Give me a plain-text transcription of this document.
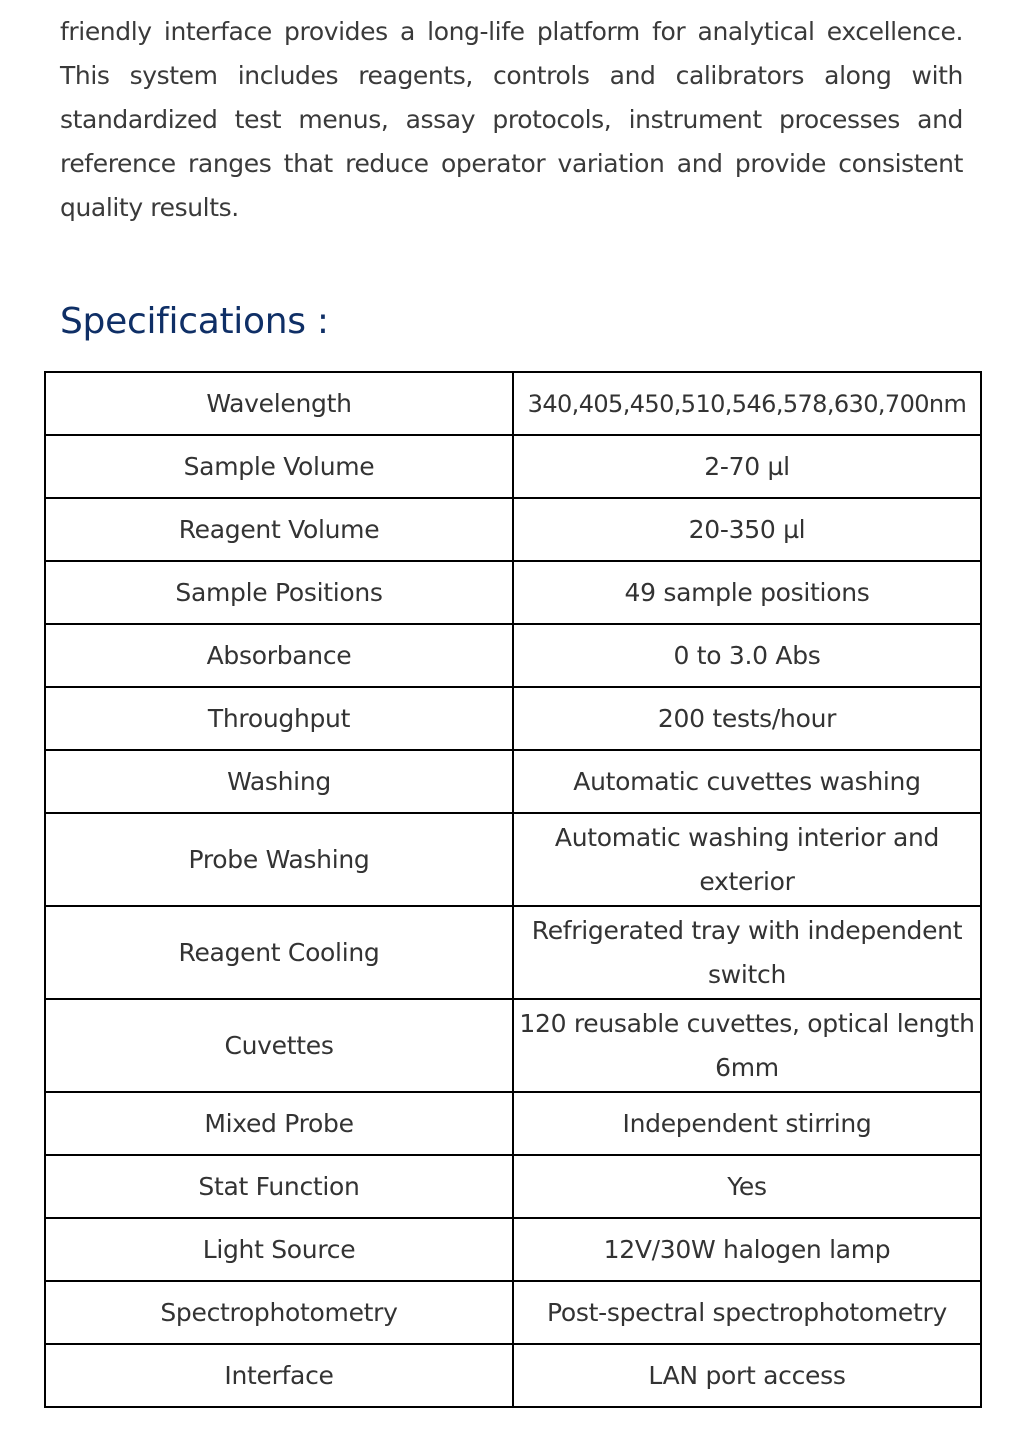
friendly interface provides a long-life platform for analytical excellence.
This system includes reagents, controls and calibrators along with
standardized test menus, assay protocols, instrument processes and
reference ranges that reduce operator variation and provide consistent
quality results.
Specifications :
Wavelength	340,405,450,510,546,578,630,700nm
Sample Volume	2-70 µl
Reagent Volume	20-350 µl
Sample Positions	49 sample positions
Absorbance	0 to 3.0 Abs
Throughput	200 tests/hour
Washing	Automatic cuvettes washing
Probe Washing	Automatic washing interior and exterior
Reagent Cooling	Refrigerated tray with independent switch
Cuvettes	120 reusable cuvettes, optical length 6mm
Mixed Probe	Independent stirring
Stat Function	Yes
Light Source	12V/30W halogen lamp
Spectrophotometry	Post-spectral spectrophotometry
Interface	LAN port access
